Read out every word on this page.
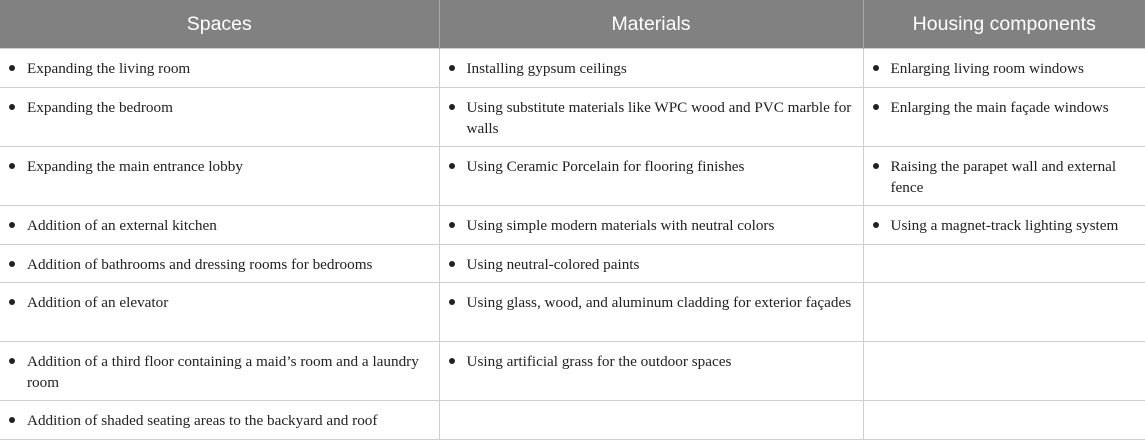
Spaces	Materials	Housing components

Expanding the living room	Installing gypsum ceilings	Enlarging living room windows

Expanding the bedroom	Using substitute materials like WPC wood and PVC marble for walls	Enlarging the main façade windows

Expanding the main entrance lobby	Using Ceramic Porcelain for flooring finishes	Raising the parapet wall and external fence

Addition of an external kitchen	Using simple modern materials with neutral colors	Using a magnet-track lighting system

Addition of bathrooms and dressing rooms for bedrooms	Using neutral-colored paints	

Addition of an elevator	Using glass, wood, and aluminum cladding for exterior façades	

Addition of a third floor containing a maid’s room and a laundry room	Using artificial grass for the outdoor spaces	

Addition of shaded seating areas to the backyard and roof		
